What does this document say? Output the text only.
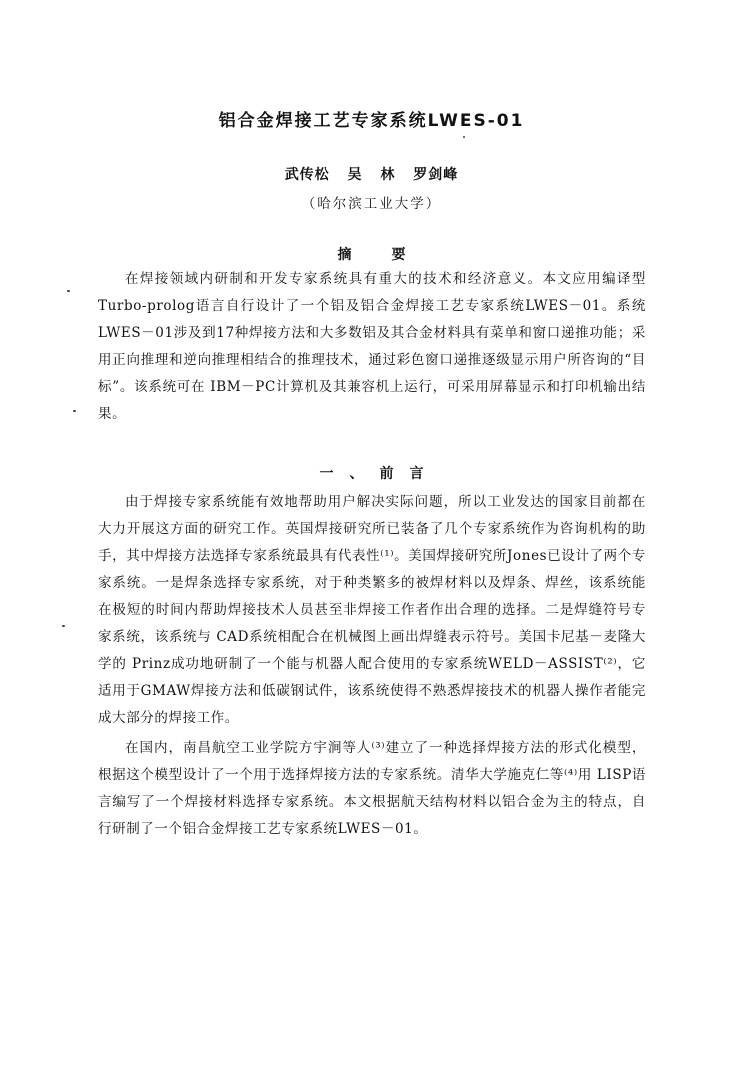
铝合金焊接工艺专家系统LWES-01
武传松 吴 林 罗剑峰
（哈尔滨工业大学）
摘要

在焊接领域内研制和开发专家系统具有重大的技术和经济意义。本文应用编译型Turbo-prolog语言自行设计了一个铝及铝合金焊接工艺专家系统LWES－01。系统LWES－01涉及到17种焊接方法和大多数铝及其合金材料具有菜单和窗口递推功能；采用正向推理和逆向推理相结合的推理技术，通过彩色窗口递推逐级显示用户所咨询的“目标”。该系统可在 IBM－PC计算机及其兼容机上运行，可采用屏幕显示和打印机输出结果。

一、前言

由于焊接专家系统能有效地帮助用户解决实际问题，所以工业发达的国家目前都在大力开展这方面的研究工作。英国焊接研究所已装备了几个专家系统作为咨询机构的助手，其中焊接方法选择专家系统最具有代表性⁽¹⁾。美国焊接研究所Jones已设计了两个专家系统。一是焊条选择专家系统，对于种类繁多的被焊材料以及焊条、焊丝，该系统能在极短的时间内帮助焊接技术人员甚至非焊接工作者作出合理的选择。二是焊缝符号专家系统，该系统与 CAD系统相配合在机械图上画出焊缝表示符号。美国卡尼基－麦隆大学的 Prinz成功地研制了一个能与机器人配合使用的专家系统WELD－ASSIST⁽²⁾，它适用于GMAW焊接方法和低碳钢试件，该系统使得不熟悉焊接技术的机器人操作者能完成大部分的焊接工作。

在国内，南昌航空工业学院方宇涧等人⁽³⁾建立了一种选择焊接方法的形式化模型，根据这个模型设计了一个用于选择焊接方法的专家系统。清华大学施克仁等⁽⁴⁾用 LISP语言编写了一个焊接材料选择专家系统。本文根据航天结构材料以铝合金为主的特点，自行研制了一个铝合金焊接工艺专家系统LWES－01。
